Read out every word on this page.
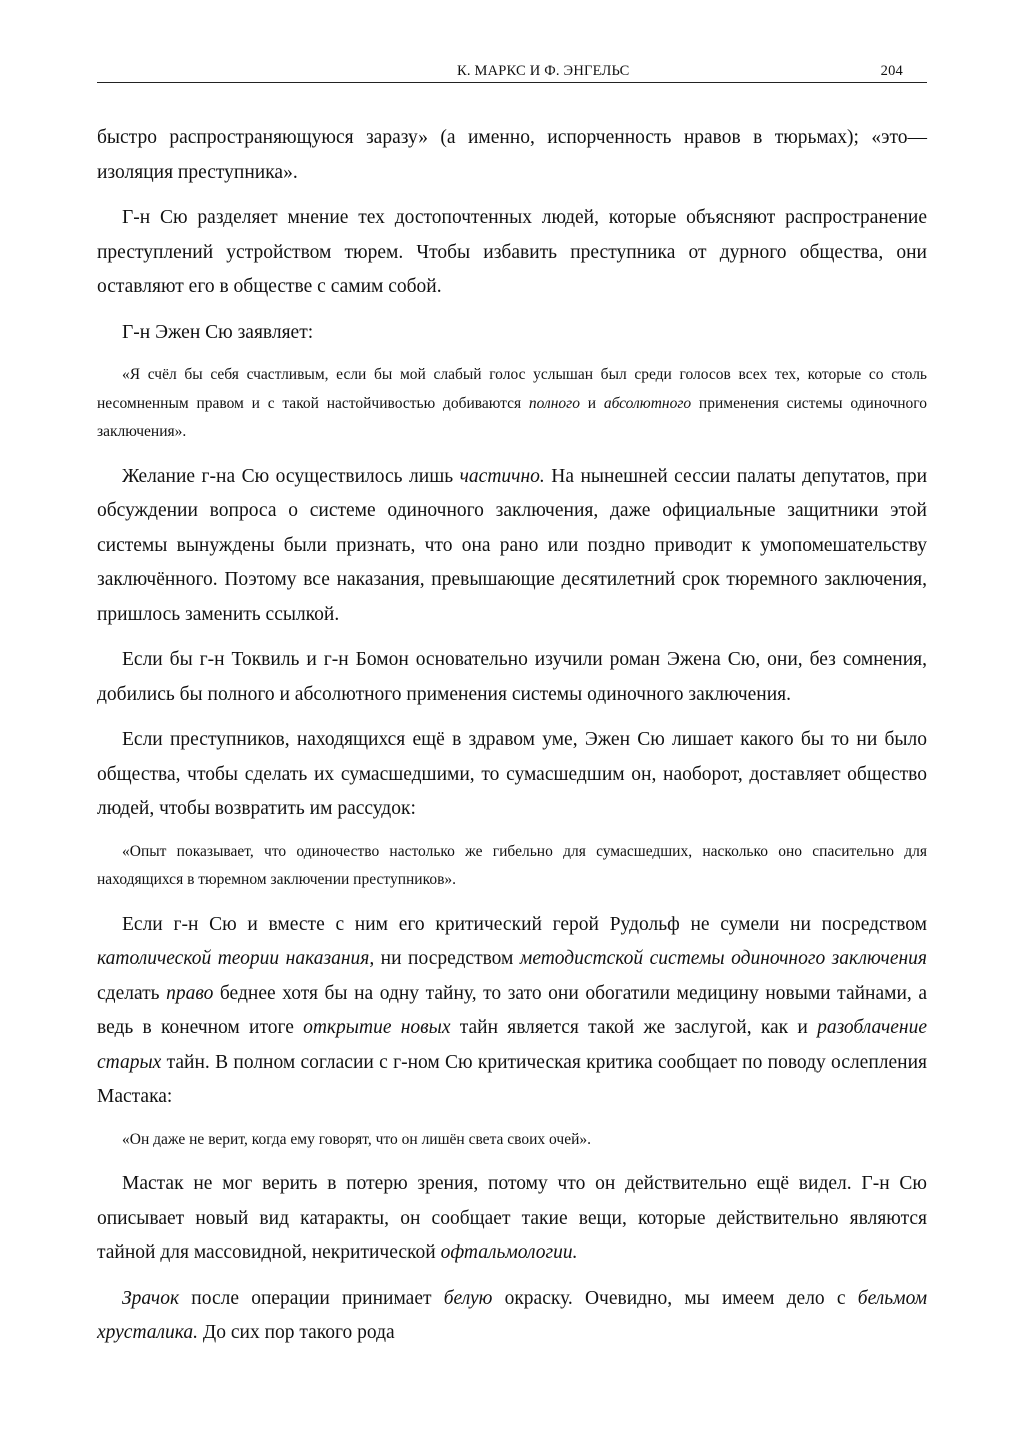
К. МАРКС И Ф. ЭНГЕЛЬС	204

быстро распространяющуюся заразу» (а именно, испорченность нравов в тюрьмах); «это—изоляция преступника».

Г-н Сю разделяет мнение тех достопочтенных людей, которые объясняют распространение преступлений устройством тюрем. Чтобы избавить преступника от дурного общества, они оставляют его в обществе с самим собой.

Г-н Эжен Сю заявляет:

«Я счёл бы себя счастливым, если бы мой слабый голос услышан был среди голосов всех тех, которые со столь несомненным правом и с такой настойчивостью добиваются полного и абсолютного применения системы одиночного заключения».

Желание г-на Сю осуществилось лишь частично. На нынешней сессии палаты депутатов, при обсуждении вопроса о системе одиночного заключения, даже официальные защитники этой системы вынуждены были признать, что она рано или поздно приводит к умопомешательству заключённого. Поэтому все наказания, превышающие десятилетний срок тюремного заключения, пришлось заменить ссылкой.

Если бы г-н Токвиль и г-н Бомон основательно изучили роман Эжена Сю, они, без сомнения, добились бы полного и абсолютного применения системы одиночного заключения.

Если преступников, находящихся ещё в здравом уме, Эжен Сю лишает какого бы то ни было общества, чтобы сделать их сумасшедшими, то сумасшедшим он, наоборот, доставляет общество людей, чтобы возвратить им рассудок:

«Опыт показывает, что одиночество настолько же гибельно для сумасшедших, насколько оно спасительно для находящихся в тюремном заключении преступников».

Если г-н Сю и вместе с ним его критический герой Рудольф не сумели ни посредством католической теории наказания, ни посредством методистской системы одиночного заключения сделать право беднее хотя бы на одну тайну, то зато они обогатили медицину новыми тайнами, а ведь в конечном итоге открытие новых тайн является такой же заслугой, как и разоблачение старых тайн. В полном согласии с г-ном Сю критическая критика сообщает по поводу ослепления Мастака:

«Он даже не верит, когда ему говорят, что он лишён света своих очей».

Мастак не мог верить в потерю зрения, потому что он действительно ещё видел. Г-н Сю описывает новый вид катаракты, он сообщает такие вещи, которые действительно являются тайной для массовидной, некритической офтальмологии.

Зрачок после операции принимает белую окраску. Очевидно, мы имеем дело с бельмом хрусталика. До сих пор такого рода
